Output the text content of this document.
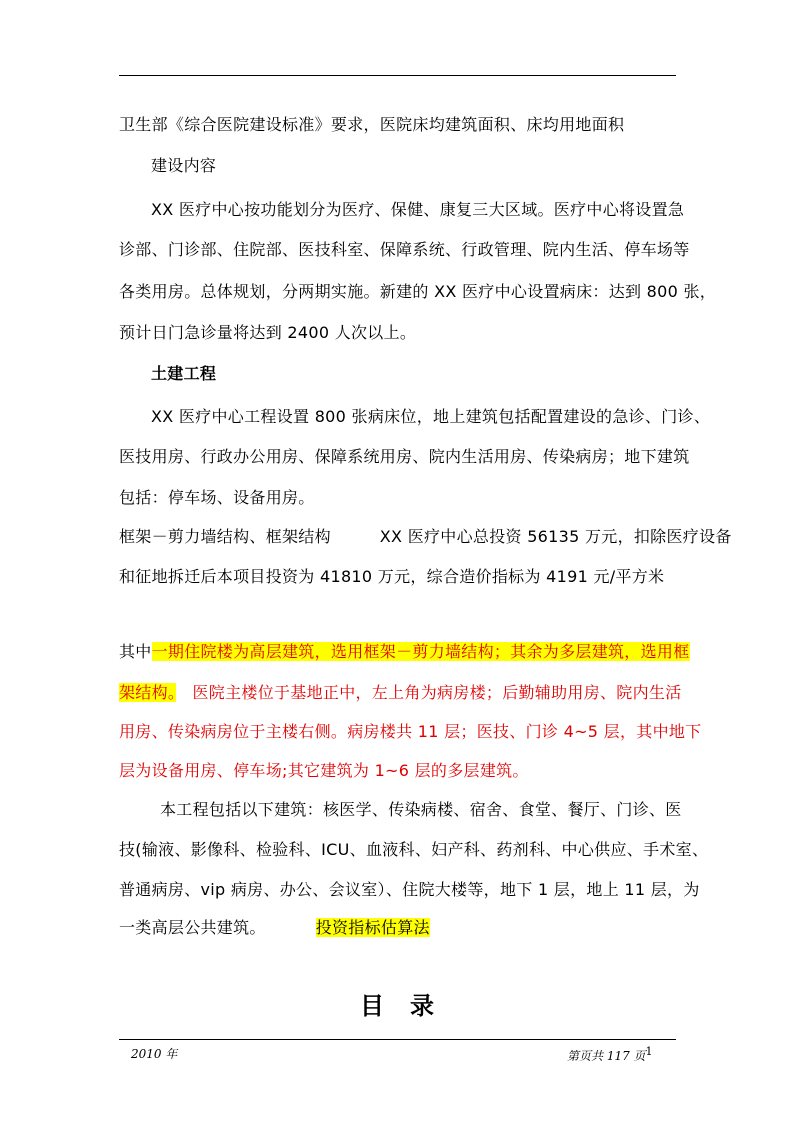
卫生部《综合医院建设标准》要求，医院床均建筑面积、床均用地面积
建设内容
XX 医疗中心按功能划分为医疗、保健、康复三大区域。医疗中心将设置急
诊部、门诊部、住院部、医技科室、保障系统、行政管理、院内生活、停车场等
各类用房。总体规划，分两期实施。新建的 XX 医疗中心设置病床：达到 800 张，
预计日门急诊量将达到 2400 人次以上。
土建工程
XX 医疗中心工程设置 800 张病床位，地上建筑包括配置建设的急诊、门诊、
医技用房、行政办公用房、保障系统用房、院内生活用房、传染病房；地下建筑
包括：停车场、设备用房。
框架－剪力墙结构、框架结构　　　XX 医疗中心总投资 56135 万元，扣除医疗设备
和征地拆迁后本项目投资为 41810 万元，综合造价指标为 4191 元/平方米
其中一期住院楼为高层建筑，选用框架－剪力墙结构；其余为多层建筑，选用框
架结构。　医院主楼位于基地正中，左上角为病房楼；后勤辅助用房、院内生活
用房、传染病房位于主楼右侧。病房楼共 11 层；医技、门诊 4~5 层，其中地下
层为设备用房、停车场;其它建筑为 1~6 层的多层建筑。
本工程包括以下建筑：核医学、传染病楼、宿舍、食堂、餐厅、门诊、医
技(输液、影像科、检验科、ICU、血液科、妇产科、药剂科、中心供应、手术室、
普通病房、vip 病房、办公、会议室）、住院大楼等，地下 1 层，地上 11 层，为
一类高层公共建筑。	投资指标估算法
目录
2010 年	第页共 117 页$^1$
